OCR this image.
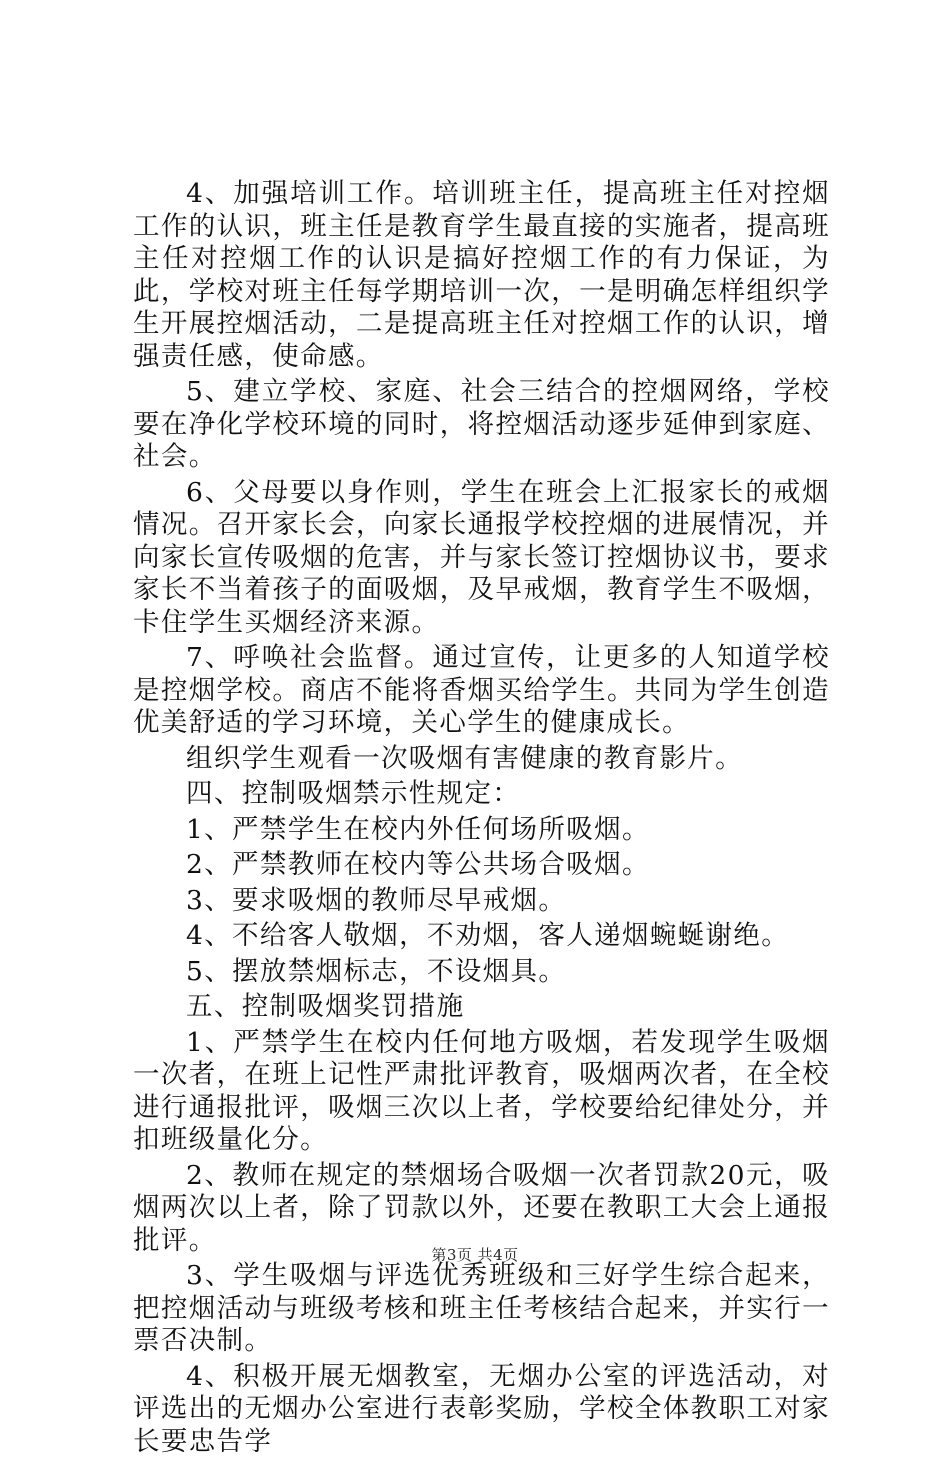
4、加强培训工作。培训班主任，提高班主任对控烟工作的认识，班主任是教育学生最直接的实施者，提高班主任对控烟工作的认识是搞好控烟工作的有力保证，为此，学校对班主任每学期培训一次，一是明确怎样组织学生开展控烟活动，二是提高班主任对控烟工作的认识，增强责任感，使命感。

5、建立学校、家庭、社会三结合的控烟网络，学校要在净化学校环境的同时，将控烟活动逐步延伸到家庭、社会。

6、父母要以身作则，学生在班会上汇报家长的戒烟情况。召开家长会，向家长通报学校控烟的进展情况，并向家长宣传吸烟的危害，并与家长签订控烟协议书，要求家长不当着孩子的面吸烟，及早戒烟，教育学生不吸烟，卡住学生买烟经济来源。

7、呼唤社会监督。通过宣传，让更多的人知道学校是控烟学校。商店不能将香烟买给学生。共同为学生创造优美舒适的学习环境，关心学生的健康成长。

组织学生观看一次吸烟有害健康的教育影片。

四、控制吸烟禁示性规定：

1、严禁学生在校内外任何场所吸烟。

2、严禁教师在校内等公共场合吸烟。

3、要求吸烟的教师尽早戒烟。

4、不给客人敬烟，不劝烟，客人递烟蜿蜒谢绝。

5、摆放禁烟标志，不设烟具。

五、控制吸烟奖罚措施

1、严禁学生在校内任何地方吸烟，若发现学生吸烟一次者，在班上记性严肃批评教育，吸烟两次者，在全校进行通报批评，吸烟三次以上者，学校要给纪律处分，并扣班级量化分。

2、教师在规定的禁烟场合吸烟一次者罚款20元，吸烟两次以上者，除了罚款以外，还要在教职工大会上通报批评。

3、学生吸烟与评选优秀班级和三好学生综合起来，把控烟活动与班级考核和班主任考核结合起来，并实行一票否决制。

4、积极开展无烟教室，无烟办公室的评选活动，对评选出的无烟办公室进行表彰奖励，学校全体教职工对家长要忠告学

第3页 共4页
